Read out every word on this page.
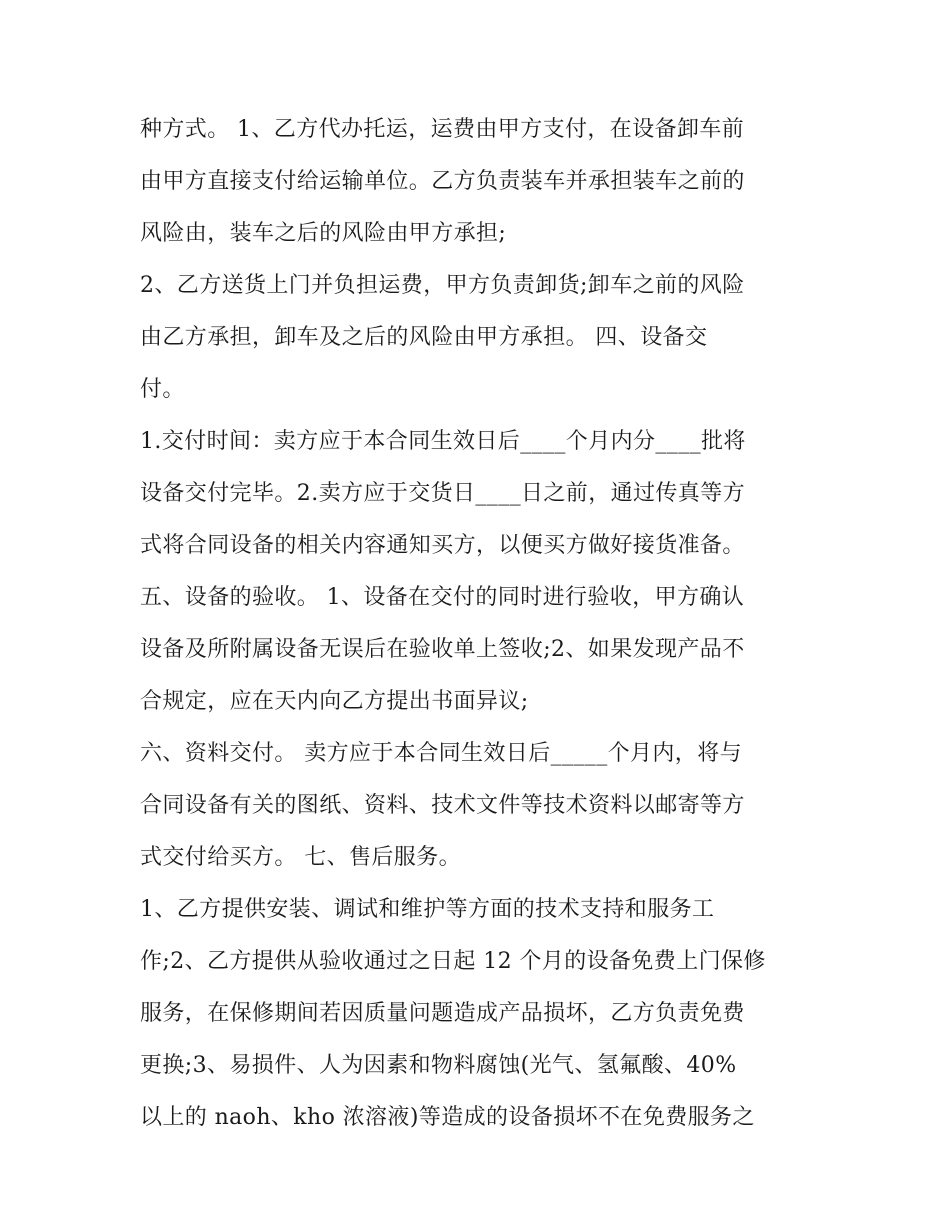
种方式。 1、乙方代办托运，运费由甲方支付，在设备卸车前
由甲方直接支付给运输单位。乙方负责装车并承担装车之前的
风险由，装车之后的风险由甲方承担;
2、乙方送货上门并负担运费，甲方负责卸货;卸车之前的风险
由乙方承担，卸车及之后的风险由甲方承担。 四、设备交
付。
1.交付时间：卖方应于本合同生效日后____个月内分____批将
设备交付完毕。2.卖方应于交货日____日之前，通过传真等方
式将合同设备的相关内容通知买方，以便买方做好接货准备。
五、设备的验收。 1、设备在交付的同时进行验收，甲方确认
设备及所附属设备无误后在验收单上签收;2、如果发现产品不
合规定，应在天内向乙方提出书面异议;
六、资料交付。 卖方应于本合同生效日后_____个月内，将与
合同设备有关的图纸、资料、技术文件等技术资料以邮寄等方
式交付给买方。 七、售后服务。
1、乙方提供安装、调试和维护等方面的技术支持和服务工
作;2、乙方提供从验收通过之日起 12 个月的设备免费上门保修
服务，在保修期间若因质量问题造成产品损坏，乙方负责免费
更换;3、易损件、人为因素和物料腐蚀(光气、氢氟酸、40%
以上的 naoh、kho 浓溶液)等造成的设备损坏不在免费服务之
